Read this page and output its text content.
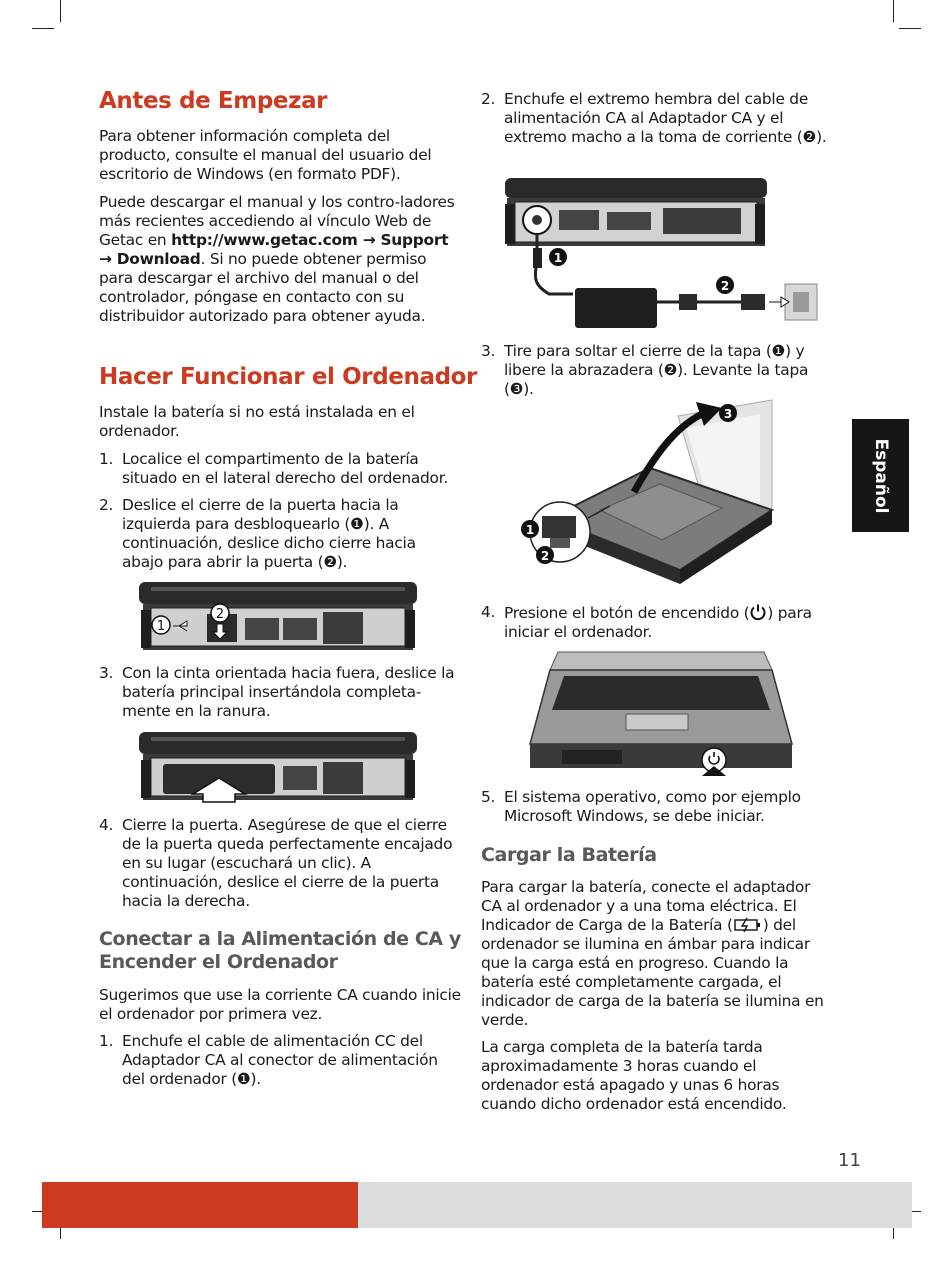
Antes de Empezar
Para obtener información completa del producto, consulte el manual del usuario del escritorio de Windows (en formato PDF).
Puede descargar el manual y los contro-ladores más recientes accediendo al vínculo Web de Getac en http://www.getac.com → Support → Download. Si no puede obtener permiso para descargar el archivo del manual o del controlador, póngase en contacto con su distribuidor autorizado para obtener ayuda.
Hacer Funcionar el Ordenador
Instale la batería si no está instalada en el ordenador.
1. Localice el compartimento de la batería situado en el lateral derecho del ordenador.
2. Deslice el cierre de la puerta hacia la izquierda para desbloquearlo (❶). A continuación, deslice dicho cierre hacia abajo para abrir la puerta (❷).
1
2
3. Con la cinta orientada hacia fuera, deslice la batería principal insertándola completa-mente en la ranura.
4. Cierre la puerta. Asegúrese de que el cierre de la puerta queda perfectamente encajado en su lugar (escuchará un clic). A continuación, deslice el cierre de la puerta hacia la derecha.
Conectar a la Alimentación de CA y Encender el Ordenador
Sugerimos que use la corriente CA cuando inicie el ordenador por primera vez.
1. Enchufe el cable de alimentación CC del Adaptador CA al conector de alimentación del ordenador (❶).
2. Enchufe el extremo hembra del cable de alimentación CA al Adaptador CA y el extremo macho a la toma de corriente (❷).
1
2
3. Tire para soltar el cierre de la tapa (❶) y libere la abrazadera (❷). Levante la tapa (❸).
3
1
2
4. Presione el botón de encendido ( ) para iniciar el ordenador.
5. El sistema operativo, como por ejemplo Microsoft Windows, se debe iniciar.
Cargar la Batería
Para cargar la batería, conecte el adaptador CA al ordenador y a una toma eléctrica. El Indicador de Carga de la Batería ( ) del ordenador se ilumina en ámbar para indicar que la carga está en progreso. Cuando la batería esté completamente cargada, el indicador de carga de la batería se ilumina en verde.
La carga completa de la batería tarda aproximadamente 3 horas cuando el ordenador está apagado y unas 6 horas cuando dicho ordenador está encendido.
Español
11
